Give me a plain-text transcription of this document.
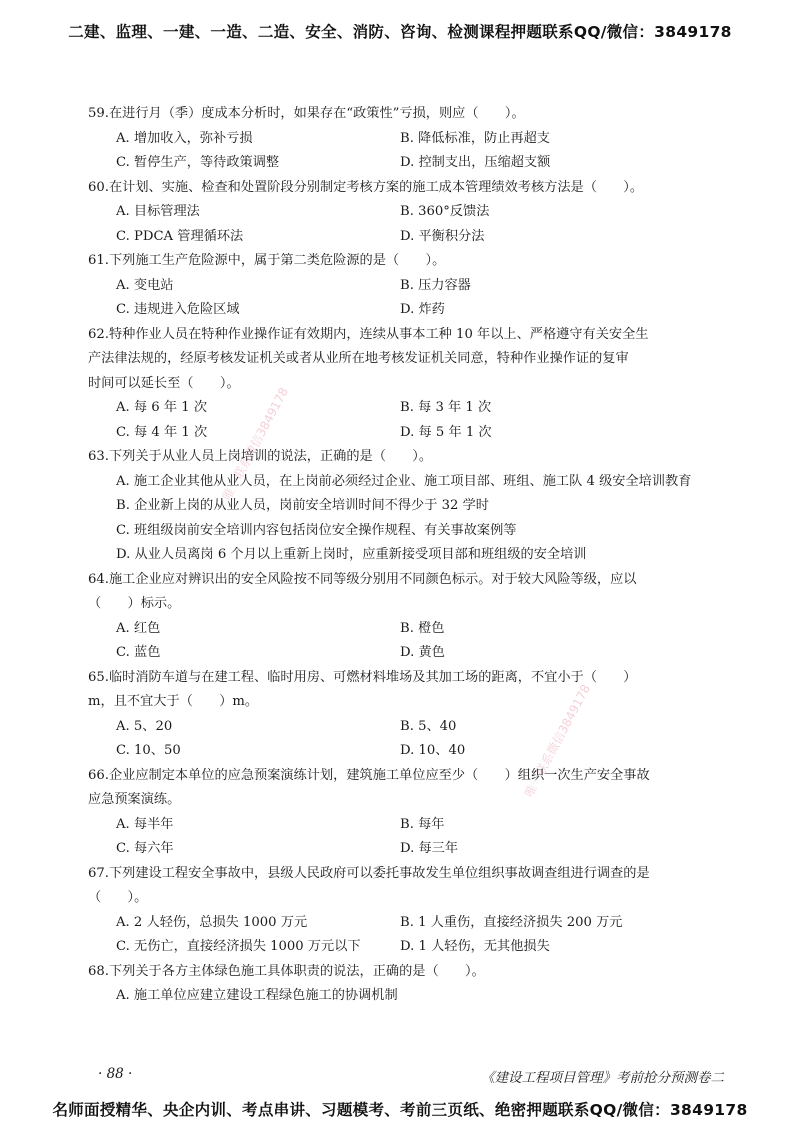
二建、监理、一建、一造、二造、安全、消防、咨询、检测课程押题联系QQ/微信：3849178
唯一联系微信3849178
唯一联系微信3849178

59.在进行月（季）度成本分析时，如果存在“政策性”亏损，则应（　　）。

A. 增加收入，弥补亏损	B. 降低标准，防止再超支
C. 暂停生产，等待政策调整	D. 控制支出，压缩超支额

60.在计划、实施、检查和处置阶段分别制定考核方案的施工成本管理绩效考核方法是（　　）。

A. 目标管理法	B. 360°反馈法
C. PDCA 管理循环法	D. 平衡积分法

61.下列施工生产危险源中，属于第二类危险源的是（　　）。

A. 变电站	B. 压力容器
C. 违规进入危险区域	D. 炸药

62.特种作业人员在特种作业操作证有效期内，连续从事本工种 10 年以上、严格遵守有关安全生
产法律法规的，经原考核发证机关或者从业所在地考核发证机关同意，特种作业操作证的复审
时间可以延长至（　　）。

A. 每 6 年 1 次	B. 每 3 年 1 次
C. 每 4 年 1 次	D. 每 5 年 1 次

63.下列关于从业人员上岗培训的说法，正确的是（　　）。

A. 施工企业其他从业人员，在上岗前必须经过企业、施工项目部、班组、施工队 4 级安全培训教育
B. 企业新上岗的从业人员，岗前安全培训时间不得少于 32 学时
C. 班组级岗前安全培训内容包括岗位安全操作规程、有关事故案例等
D. 从业人员离岗 6 个月以上重新上岗时，应重新接受项目部和班组级的安全培训

64.施工企业应对辨识出的安全风险按不同等级分别用不同颜色标示。对于较大风险等级，应以
（　　）标示。

A. 红色	B. 橙色
C. 蓝色	D. 黄色

65.临时消防车道与在建工程、临时用房、可燃材料堆场及其加工场的距离，不宜小于（　　）
m，且不宜大于（　　）m。

A. 5、20	B. 5、40
C. 10、50	D. 10、40

66.企业应制定本单位的应急预案演练计划，建筑施工单位应至少（　　）组织一次生产安全事故
应急预案演练。

A. 每半年	B. 每年
C. 每六年	D. 每三年

67.下列建设工程安全事故中，县级人民政府可以委托事故发生单位组织事故调查组进行调查的是
（　　）。

A. 2 人轻伤，总损失 1000 万元	B. 1 人重伤，直接经济损失 200 万元
C. 无伤亡，直接经济损失 1000 万元以下	D. 1 人轻伤，无其他损失

68.下列关于各方主体绿色施工具体职责的说法，正确的是（　　）。

A. 施工单位应建立建设工程绿色施工的协调机制
· 88 ·	《建设工程项目管理》考前抢分预测卷二
名师面授精华、央企内训、考点串讲、习题模考、考前三页纸、绝密押题联系QQ/微信：3849178
